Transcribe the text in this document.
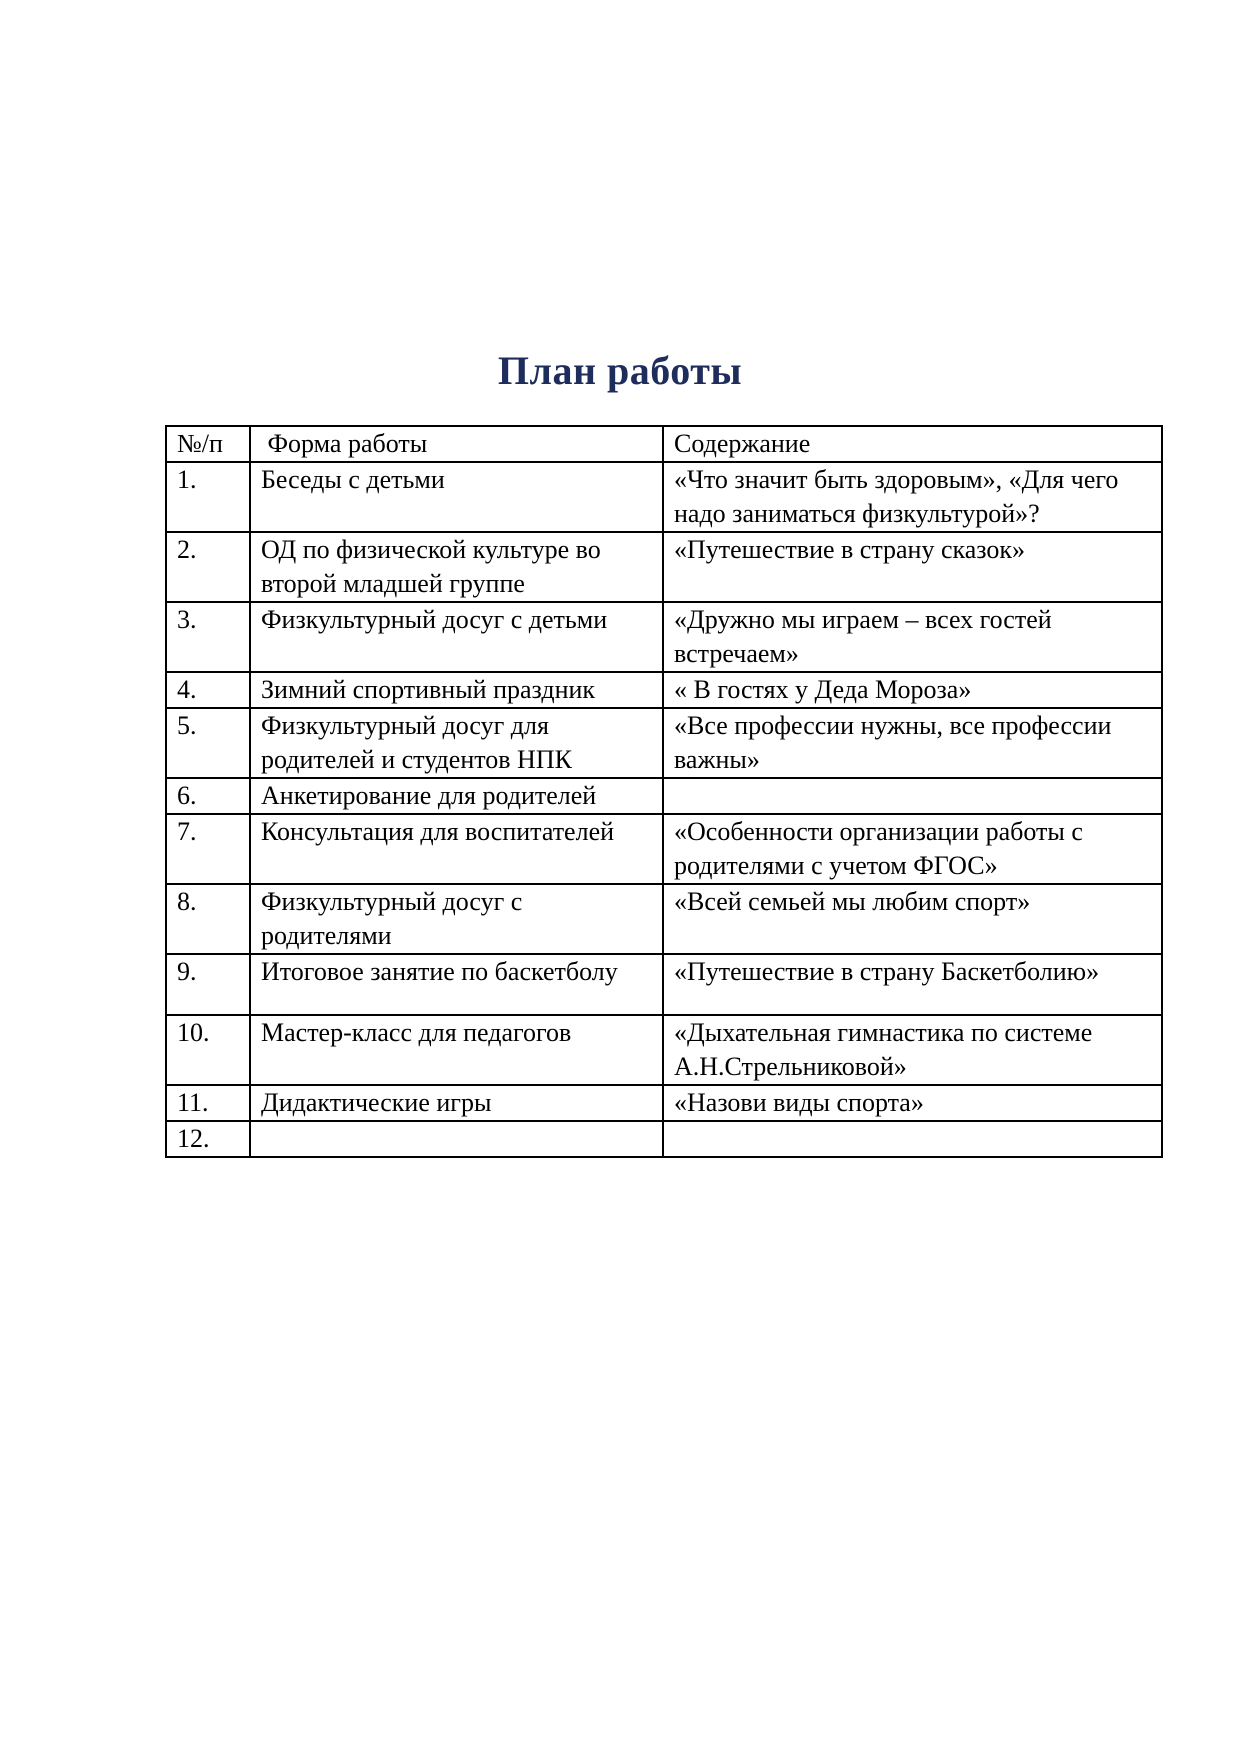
План работы
№/п	Форма работы	Содержание

1.	Беседы с детьми	«Что значит быть здоровым», «Для чего надо заниматься физкультурой»?

2.	ОД по физической культуре во второй младшей группе	«Путешествие в страну сказок»

3.	Физкультурный досуг с детьми	«Дружно мы играем – всех гостей встречаем»

4.	Зимний спортивный праздник	« В гостях у Деда Мороза»

5.	Физкультурный досуг для родителей и студентов НПК	«Все профессии нужны, все профессии важны»

6.	Анкетирование для родителей	

7.	Консультация для воспитателей	«Особенности организации работы с родителями с учетом ФГОС»

8.	Физкультурный досуг с родителями	«Всей семьей мы любим спорт»

9.	Итоговое занятие по баскетболу	«Путешествие в страну Баскетболию»

10.	Мастер-класс для педагогов	«Дыхательная гимнастика по системе А.Н.Стрельниковой»

11.	Дидактические игры	«Назови виды спорта»

12.		
